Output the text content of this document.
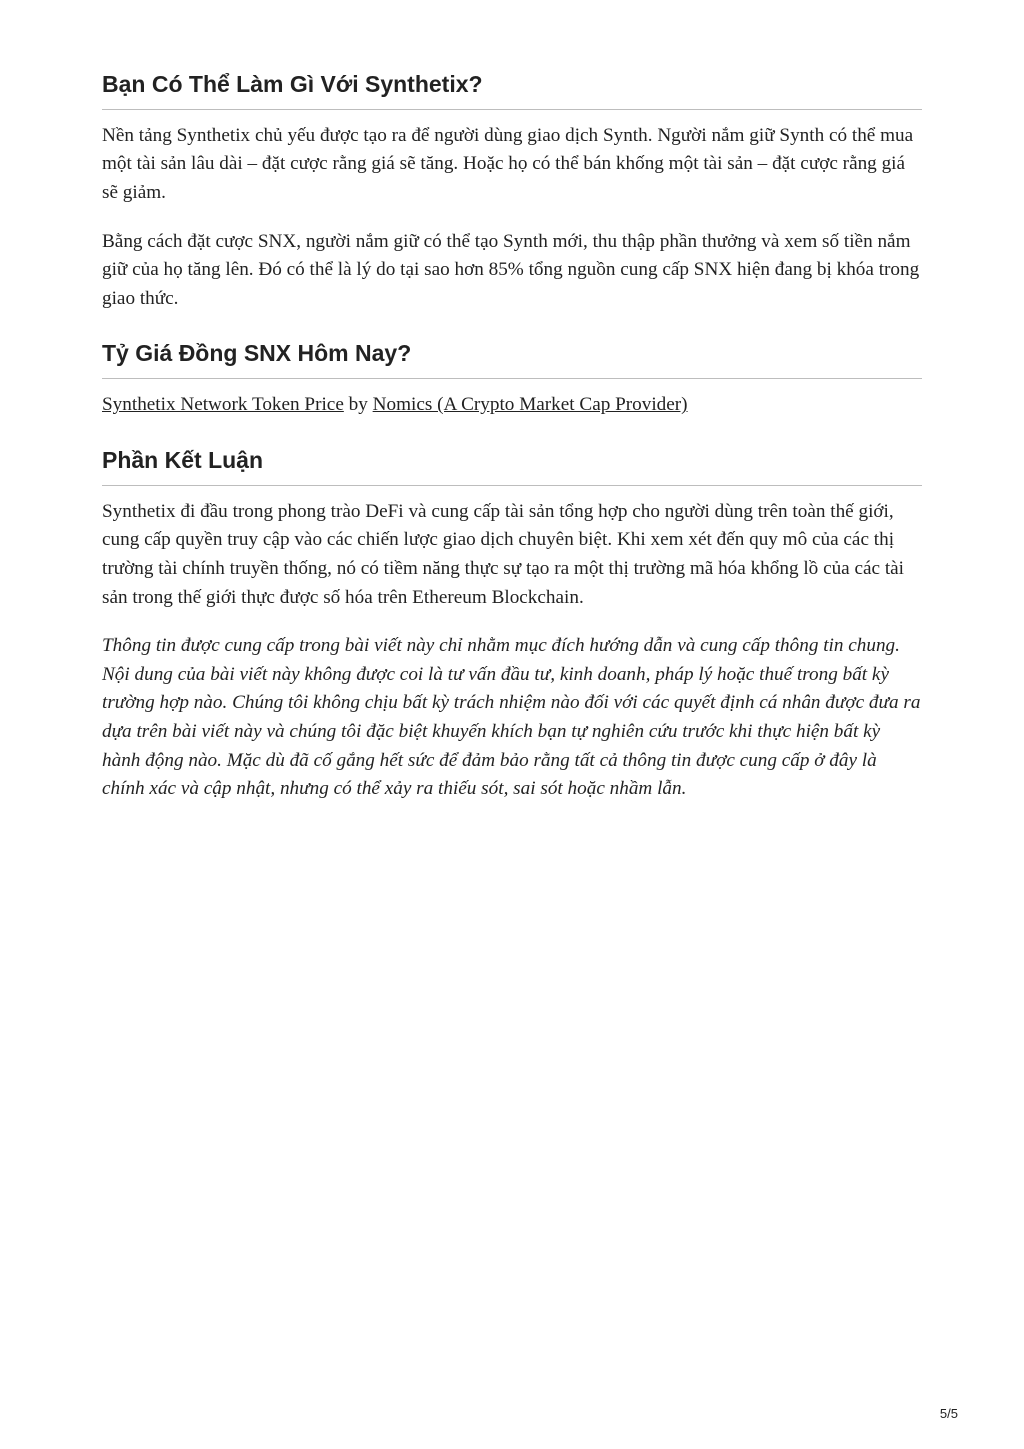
Bạn Có Thể Làm Gì Với Synthetix?

Nền tảng Synthetix chủ yếu được tạo ra để người dùng giao dịch Synth. Người nắm giữ Synth có thể mua một tài sản lâu dài – đặt cược rằng giá sẽ tăng. Hoặc họ có thể bán khống một tài sản – đặt cược rằng giá sẽ giảm.

Bằng cách đặt cược SNX, người nắm giữ có thể tạo Synth mới, thu thập phần thưởng và xem số tiền nắm giữ của họ tăng lên. Đó có thể là lý do tại sao hơn 85% tổng nguồn cung cấp SNX hiện đang bị khóa trong giao thức.

Tỷ Giá Đồng SNX Hôm Nay?

Synthetix Network Token Price by Nomics (A Crypto Market Cap Provider)

Phần Kết Luận

Synthetix đi đầu trong phong trào DeFi và cung cấp tài sản tổng hợp cho người dùng trên toàn thế giới, cung cấp quyền truy cập vào các chiến lược giao dịch chuyên biệt. Khi xem xét đến quy mô của các thị trường tài chính truyền thống, nó có tiềm năng thực sự tạo ra một thị trường mã hóa khổng lồ của các tài sản trong thế giới thực được số hóa trên Ethereum Blockchain.

Thông tin được cung cấp trong bài viết này chỉ nhằm mục đích hướng dẫn và cung cấp thông tin chung. Nội dung của bài viết này không được coi là tư vấn đầu tư, kinh doanh, pháp lý hoặc thuế trong bất kỳ trường hợp nào. Chúng tôi không chịu bất kỳ trách nhiệm nào đối với các quyết định cá nhân được đưa ra dựa trên bài viết này và chúng tôi đặc biệt khuyến khích bạn tự nghiên cứu trước khi thực hiện bất kỳ hành động nào. Mặc dù đã cố gắng hết sức để đảm bảo rằng tất cả thông tin được cung cấp ở đây là chính xác và cập nhật, nhưng có thể xảy ra thiếu sót, sai sót hoặc nhầm lẫn.

5/5
